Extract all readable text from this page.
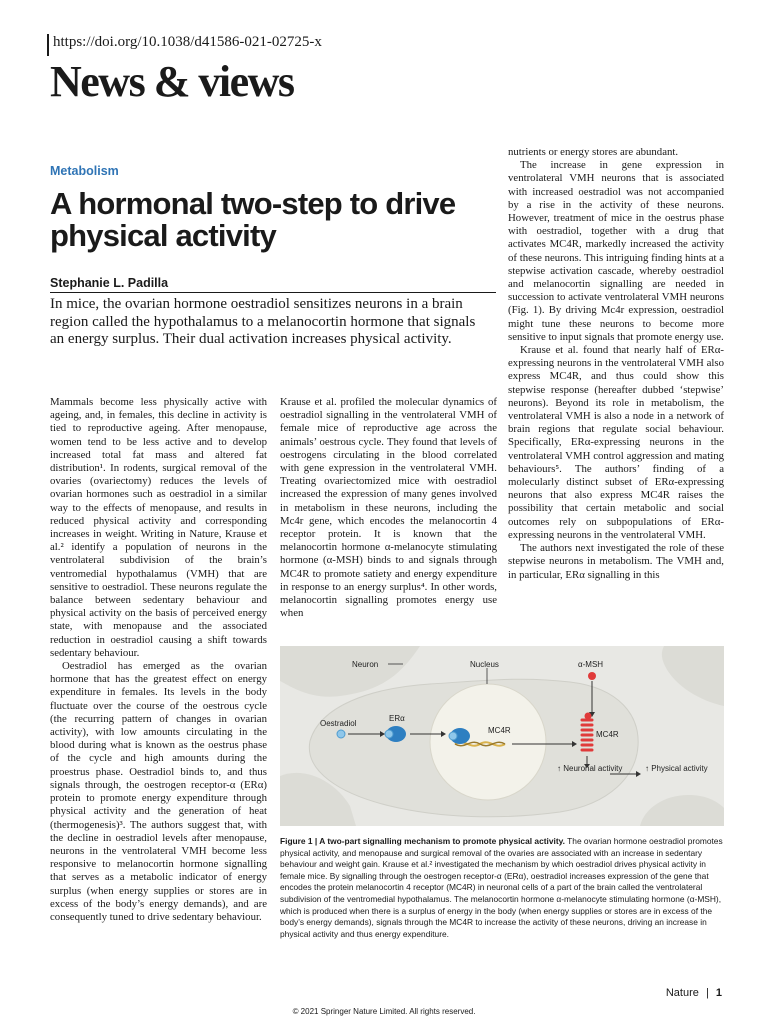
https://doi.org/10.1038/d41586-021-02725-x
News & views
Metabolism
A hormonal two-step to drive physical activity
Stephanie L. Padilla
In mice, the ovarian hormone oestradiol sensitizes neurons in a brain region called the hypothalamus to a melanocortin hormone that signals an energy surplus. Their dual activation increases physical activity.

Mammals become less physically active with ageing, and, in females, this decline in activity is tied to reproductive ageing. After menopause, women tend to be less active and to develop increased total fat mass and altered fat distribution¹. In rodents, surgical removal of the ovaries (ovariectomy) reduces the levels of ovarian hormones such as oestradiol in a similar way to the effects of menopause, and results in reduced physical activity and corresponding increases in weight. Writing in Nature, Krause et al.² identify a population of neurons in the ventrolateral subdivision of the brain’s ventromedial hypothalamus (VMH) that are sensitive to oestradiol. These neurons regulate the balance between sedentary behaviour and physical activity on the basis of perceived energy state, with menopause and the associated reduction in oestradiol causing a shift towards sedentary behaviour.

Oestradiol has emerged as the ovarian hormone that has the greatest effect on energy expenditure in females. Its levels in the body fluctuate over the course of the oestrous cycle (the recurring pattern of changes in ovarian activity), with low amounts circulating in the blood during what is known as the oestrus phase of the cycle and high amounts during the proestrus phase. Oestradiol binds to, and thus signals through, the oestrogen receptor-α (ERα) protein to promote energy expenditure through physical activity and the generation of heat (thermogenesis)³. The authors suggest that, with the decline in oestradiol levels after menopause, neurons in the ventrolateral VMH become less responsive to melanocortin hormone signalling that serves as a metabolic indicator of energy surplus (when energy supplies or stores are in excess of the body’s energy demands), and are consequently tuned to drive sedentary behaviour.

Krause et al. profiled the molecular dynamics of oestradiol signalling in the ventrolateral VMH of female mice of reproductive age across the animals’ oestrous cycle. They found that levels of oestrogens circulating in the blood correlated with gene expression in the ventrolateral VMH. Treating ovariectomized mice with oestradiol increased the expression of many genes involved in metabolism in these neurons, including the Mc4r gene, which encodes the melanocortin 4 receptor protein. It is known that the melanocortin hormone α-melanocyte stimulating hormone (α-MSH) binds to and signals through MC4R to promote satiety and energy expenditure in response to an energy surplus⁴. In other words, melanocortin signalling promotes energy use when

nutrients or energy stores are abundant.

The increase in gene expression in ventrolateral VMH neurons that is associated with increased oestradiol was not accompanied by a rise in the activity of these neurons. However, treatment of mice in the oestrus phase with oestradiol, together with a drug that activates MC4R, markedly increased the activity of these neurons. This intriguing finding hints at a stepwise activation cascade, whereby oestradiol and melanocortin signalling are needed in succession to activate ventrolateral VMH neurons (Fig. 1). By driving Mc4r expression, oestradiol might tune these neurons to become more sensitive to input signals that promote energy use.

Krause et al. found that nearly half of ERα-expressing neurons in the ventrolateral VMH also express MC4R, and thus could show this stepwise response (hereafter dubbed ‘stepwise’ neurons). Beyond its role in metabolism, the ventrolateral VMH is also a node in a network of brain regions that regulate social behaviour. Specifically, ERα-expressing neurons in the ventrolateral VMH control aggression and mating behaviours⁵. The authors’ finding of a molecularly distinct subset of ERα-expressing neurons that also express MC4R raises the possibility that certain metabolic and social outcomes rely on subpopulations of ERα-expressing neurons in the ventrolateral VMH.

The authors next investigated the role of these stepwise neurons in metabolism. The VMH and, in particular, ERα signalling in this

Neuron	Nucleus	α-MSH
Oestradiol
ERα
MC4R	MC4R
↑ Neuronal activity	↑ Physical activity
Figure 1 | A two-part signalling mechanism to promote physical activity. The ovarian hormone oestradiol promotes physical activity, and menopause and surgical removal of the ovaries are associated with an increase in sedentary behaviour and weight gain. Krause et al.² investigated the mechanism by which oestradiol drives physical activity in female mice. By signalling through the oestrogen receptor-α (ERα), oestradiol increases expression of the gene that encodes the protein melanocortin 4 receptor (MC4R) in neuronal cells of a part of the brain called the ventrolateral subdivision of the ventromedial hypothalamus. The melanocortin hormone α-melanocyte stimulating hormone (α-MSH), which is produced when there is a surplus of energy in the body (when energy supplies or stores are in excess of the body’s energy demands), signals through the MC4R to increase the activity of these neurons, driving an increase in physical activity and thus energy expenditure.
Nature | 1
© 2021 Springer Nature Limited. All rights reserved.
